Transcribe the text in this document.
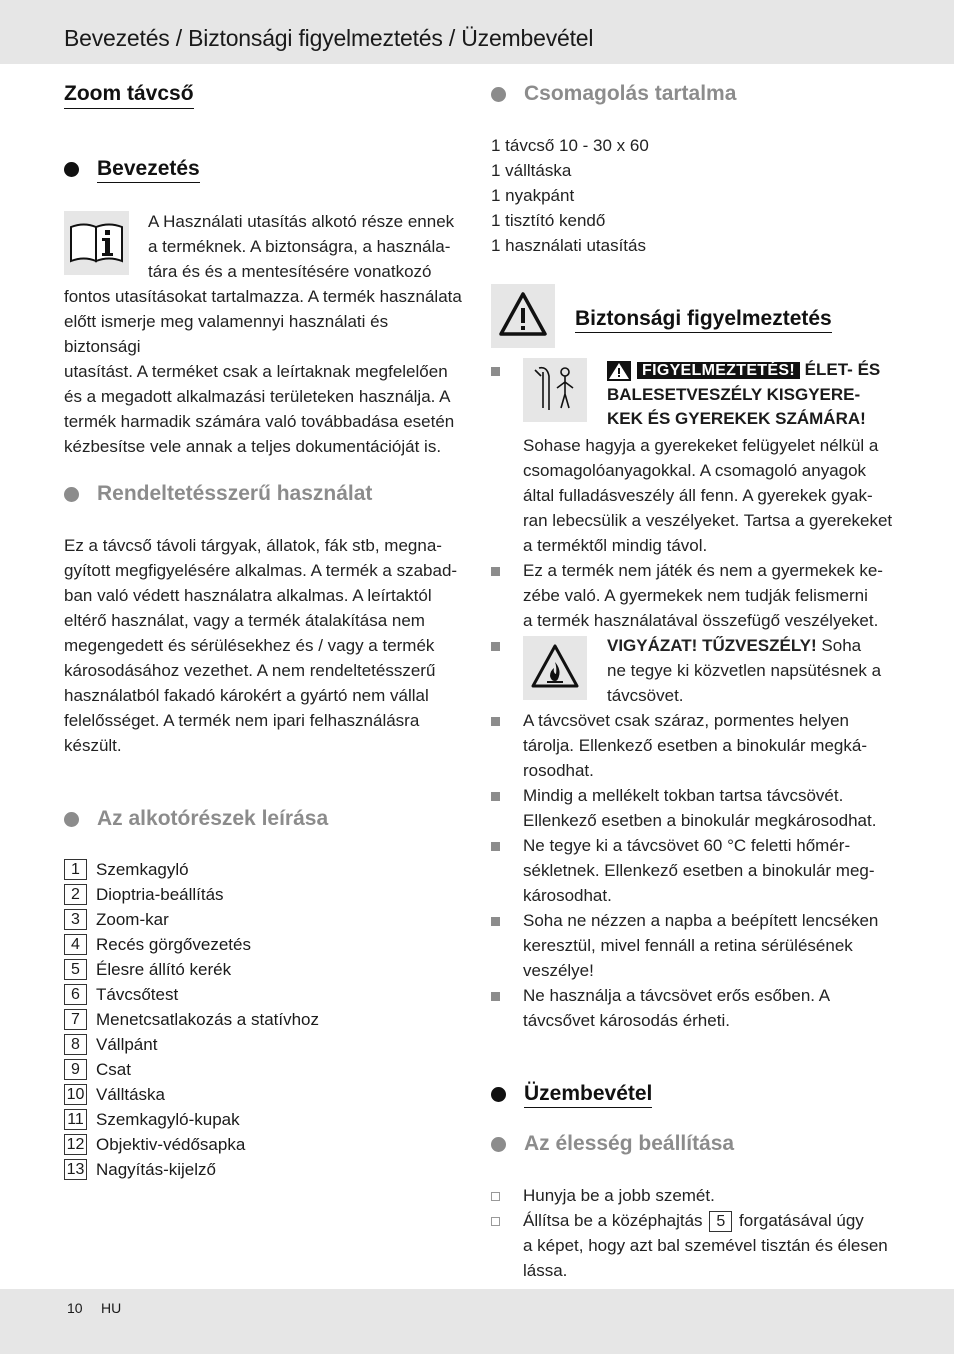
Bevezetés / Biztonsági figyelmeztetés / Üzembevétel
Zoom távcső
Bevezetés
A Használati utasítás alkotó része ennek
a terméknek. A biztonságra, a használa-
tára és és a mentesítésére vonatkozó
fontos utasításokat tartalmazza. A termék használata
előtt ismerje meg valamennyi használati és biztonsági
utasítást. A terméket csak a leírtaknak megfelelően
és a megadott alkalmazási területeken használja. A
termék harmadik számára való továbbadása esetén
kézbesítse vele annak a teljes dokumentációját is.
Rendeltetésszerű használat
Ez a távcső távoli tárgyak, állatok, fák stb, megna-
gyított megfigyelésére alkalmas. A termék a szabad-
ban való védett használatra alkalmas. A leírtaktól
eltérő használat, vagy a termék átalakítása nem
megengedett és sérülésekhez és / vagy a termék
károsodásához vezethet. A nem rendeltetésszerű
használatból fakadó károkért a gyártó nem vállal
felelősséget. A termék nem ipari felhasználásra
készült.
Az alkotórészek leírása
1 Szemkagyló
2 Dioptria-beállítás
3 Zoom-kar
4 Recés görgővezetés
5 Élesre állító kerék
6 Távcsőtest
7 Menetcsatlakozás a statívhoz
8 Vállpánt
9 Csat
10 Válltáska
11 Szemkagyló-kupak
12 Objektiv-védősapka
13 Nagyítás-kijelző
Csomagolás tartalma
1 távcső 10 - 30 x 60
1 válltáska
1 nyakpánt
1 tisztító kendő
1 használati utasítás
Biztonsági figyelmeztetés
FIGYELMEZTETÉS! ÉLET- ÉS
BALESETVESZÉLY KISGYERE-
KEK ÉS GYEREKEK SZÁMÁRA!
Sohase hagyja a gyerekeket felügyelet nélkül a
csomagolóanyagokkal. A csomagoló anyagok
által fulladásveszély áll fenn. A gyerekek gyak-
ran lebecsülik a veszélyeket. Tartsa a gyerekeket
a terméktől mindig távol.
Ez a termék nem játék és nem a gyermekek ke-
zébe való. A gyermekek nem tudják felismerni
a termék használatával összefügő veszélyeket.
VIGYÁZAT! TŰZVESZÉLY! Soha
ne tegye ki közvetlen napsütésnek a
távcsövet.
A távcsövet csak száraz, pormentes helyen
tárolja. Ellenkező esetben a binokulár megká-
rosodhat.
Mindig a mellékelt tokban tartsa távcsövét.
Ellenkező esetben a binokulár megkárosodhat.
Ne tegye ki a távcsövet 60 °C feletti hőmér-
sékletnek. Ellenkező esetben a binokulár meg-
károsodhat.
Soha ne nézzen a napba a beépített lencséken
keresztül, mivel fennáll a retina sérülésének
veszélye!
Ne használja a távcsövet erős esőben. A
távcsővet károsodás érheti.
Üzembevétel
Az élesség beállítása
Hunyja be a jobb szemét.
Állítsa be a középhajtás 5 forgatásával úgy
a képet, hogy azt bal szemével tisztán és élesen
lássa.
10 HU
